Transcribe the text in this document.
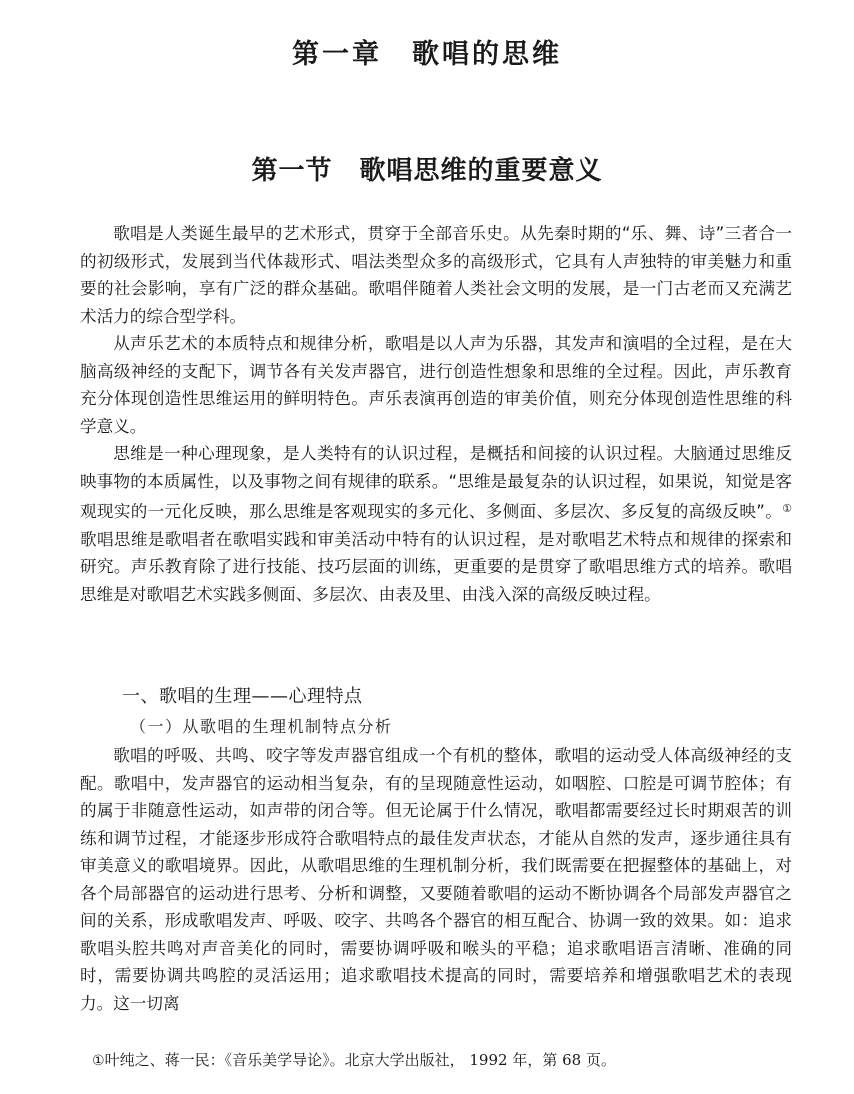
第一章　歌唱的思维
第一节　歌唱思维的重要意义

歌唱是人类诞生最早的艺术形式，贯穿于全部音乐史。从先秦时期的“乐、舞、诗”三者合一的初级形式，发展到当代体裁形式、唱法类型众多的高级形式，它具有人声独特的审美魅力和重要的社会影响，享有广泛的群众基础。歌唱伴随着人类社会文明的发展，是一门古老而又充满艺术活力的综合型学科。

从声乐艺术的本质特点和规律分析，歌唱是以人声为乐器，其发声和演唱的全过程，是在大脑高级神经的支配下，调节各有关发声器官，进行创造性想象和思维的全过程。因此，声乐教育充分体现创造性思维运用的鲜明特色。声乐表演再创造的审美价值，则充分体现创造性思维的科学意义。

思维是一种心理现象，是人类特有的认识过程，是概括和间接的认识过程。大脑通过思维反映事物的本质属性，以及事物之间有规律的联系。“思维是最复杂的认识过程，如果说，知觉是客观现实的一元化反映，那么思维是客观现实的多元化、多侧面、多层次、多反复的高级反映”。①歌唱思维是歌唱者在歌唱实践和审美活动中特有的认识过程，是对歌唱艺术特点和规律的探索和研究。声乐教育除了进行技能、技巧层面的训练，更重要的是贯穿了歌唱思维方式的培养。歌唱思维是对歌唱艺术实践多侧面、多层次、由表及里、由浅入深的高级反映过程。

一、歌唱的生理——心理特点
（一）从歌唱的生理机制特点分析

歌唱的呼吸、共鸣、咬字等发声器官组成一个有机的整体，歌唱的运动受人体高级神经的支配。歌唱中，发声器官的运动相当复杂，有的呈现随意性运动，如咽腔、口腔是可调节腔体；有的属于非随意性运动，如声带的闭合等。但无论属于什么情况，歌唱都需要经过长时期艰苦的训练和调节过程，才能逐步形成符合歌唱特点的最佳发声状态，才能从自然的发声，逐步通往具有审美意义的歌唱境界。因此，从歌唱思维的生理机制分析，我们既需要在把握整体的基础上，对各个局部器官的运动进行思考、分析和调整，又要随着歌唱的运动不断协调各个局部发声器官之间的关系，形成歌唱发声、呼吸、咬字、共鸣各个器官的相互配合、协调一致的效果。如：追求歌唱头腔共鸣对声音美化的同时，需要协调呼吸和喉头的平稳；追求歌唱语言清晰、准确的同时，需要协调共鸣腔的灵活运用；追求歌唱技术提高的同时，需要培养和增强歌唱艺术的表现力。这一切离

①叶纯之、蒋一民：《音乐美学导论》。北京大学出版社， 1992 年，第 68 页。
